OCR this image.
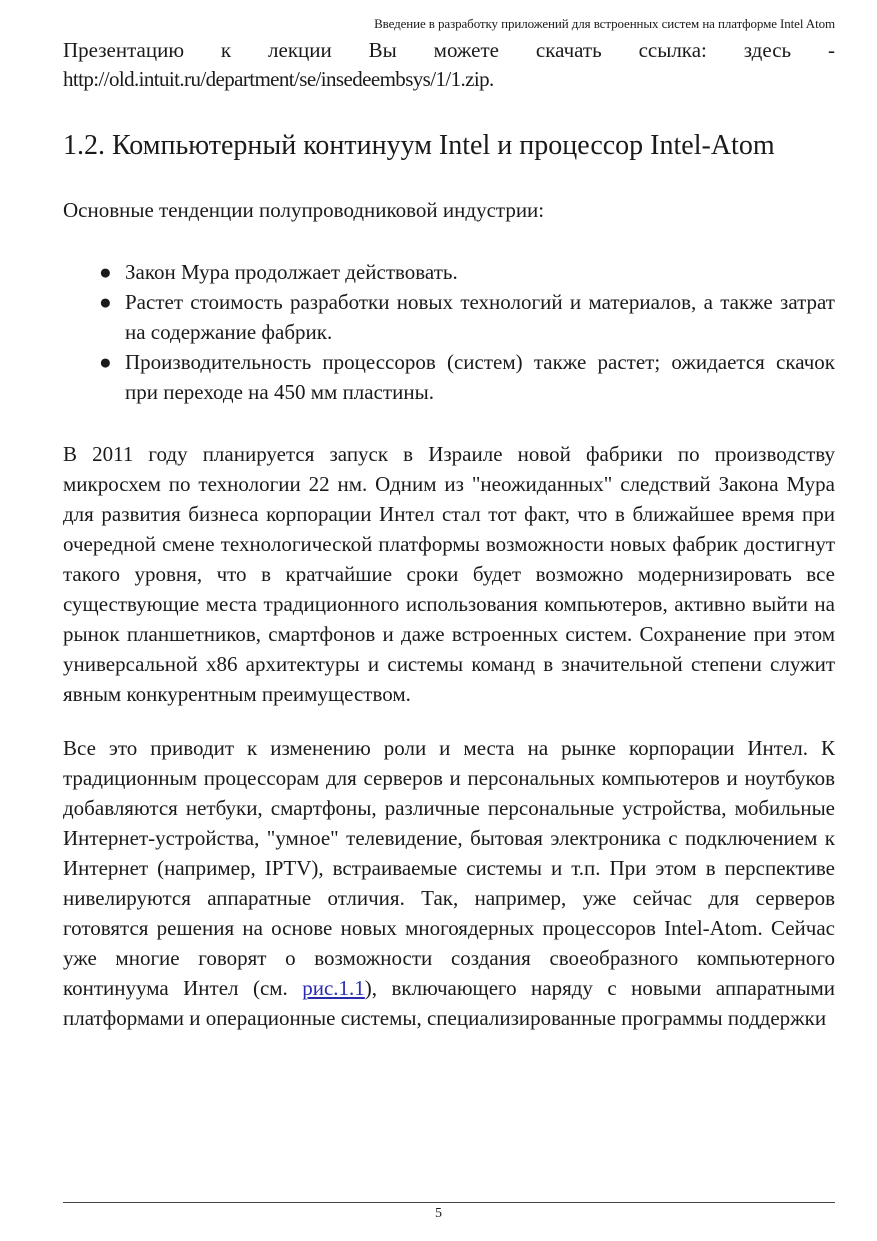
Введение в разработку приложений для встроенных систем на платформе Intel Atom

Презентацию к лекции Вы можете скачать ссылка: здесь - http://old.intuit.ru/department/se/insedeembsys/1/1.zip.

1.2. Компьютерный континуум Intel и процессор Intel-Atom

Основные тенденции полупроводниковой индустрии:

● Закон Мура продолжает действовать.
● Растет стоимость разработки новых технологий и материалов, а также затрат на содержание фабрик.
● Производительность процессоров (систем) также растет; ожидается скачок при переходе на 450 мм пластины.

В 2011 году планируется запуск в Израиле новой фабрики по производству микросхем по технологии 22 нм. Одним из "неожиданных" следствий Закона Мура для развития бизнеса корпорации Интел стал тот факт, что в ближайшее время при очередной смене технологической платформы возможности новых фабрик достигнут такого уровня, что в кратчайшие сроки будет возможно модернизировать все существующие места традиционного использования компьютеров, активно выйти на рынок планшетников, смартфонов и даже встроенных систем. Сохранение при этом универсальной x86 архитектуры и системы команд в значительной степени служит явным конкурентным преимуществом.

Все это приводит к изменению роли и места на рынке корпорации Интел. К традиционным процессорам для серверов и персональных компьютеров и ноутбуков добавляются нетбуки, смартфоны, различные персональные устройства, мобильные Интернет-устройства, "умное" телевидение, бытовая электроника с подключением к Интернет (например, IPTV), встраиваемые системы и т.п. При этом в перспективе нивелируются аппаратные отличия. Так, например, уже сейчас для серверов готовятся решения на основе новых многоядерных процессоров Intel-Atom. Сейчас уже многие говорят о возможности создания своеобразного компьютерного континуума Интел (см. рис.1.1), включающего наряду с новыми аппаратными платформами и операционные системы, специализированные программы поддержки

5
